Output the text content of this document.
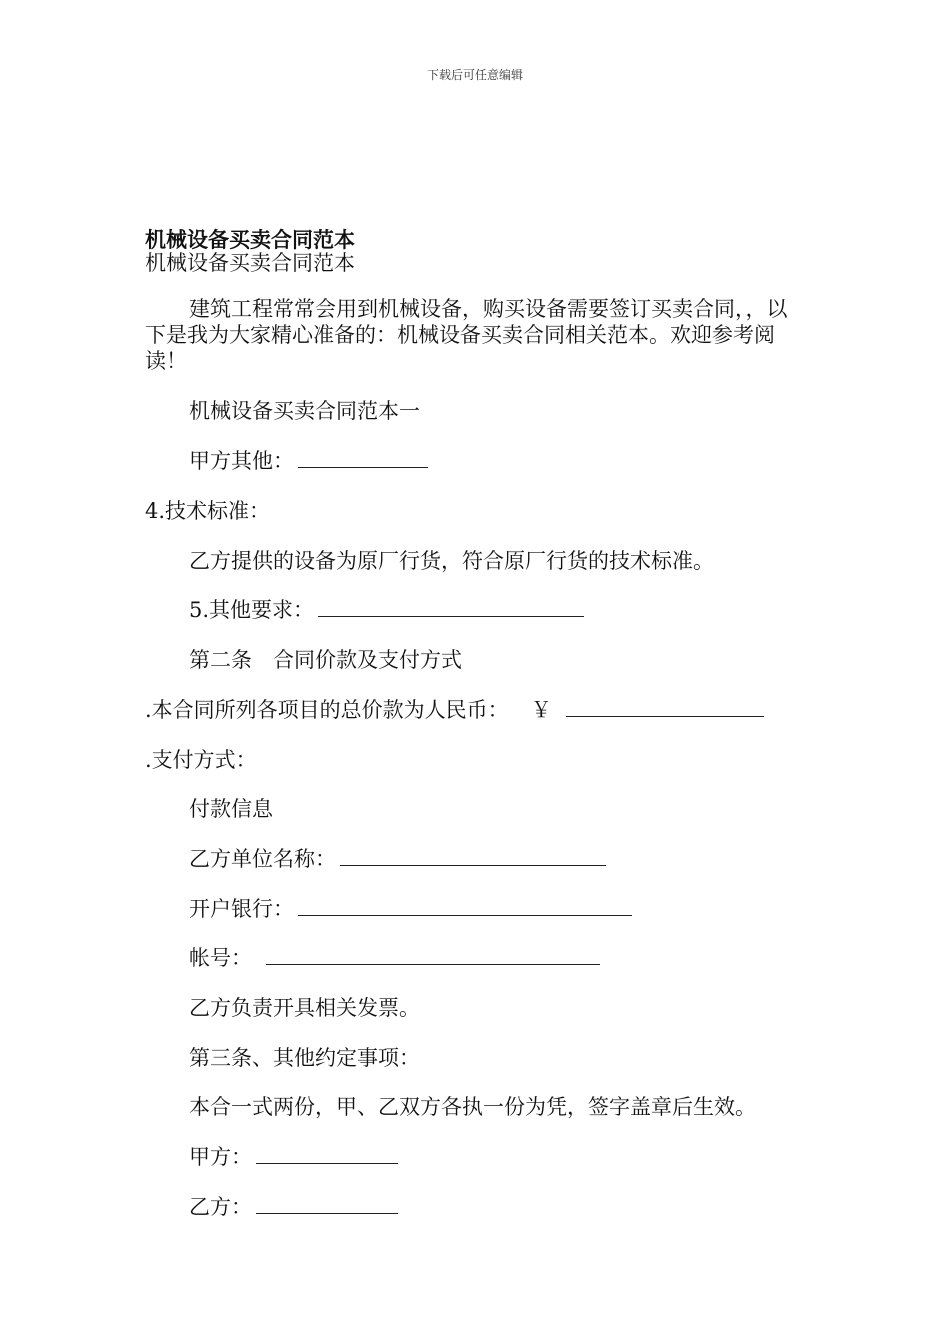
下载后可任意编辑
机械设备买卖合同范本
机械设备买卖合同范本
建筑工程常常会用到机械设备，购买设备需要签订买卖合同，，以下是我为大家精心准备的：机械设备买卖合同相关范本。欢迎参考阅读！
机械设备买卖合同范本一
甲方其他：
4.技术标准：
乙方提供的设备为原厂行货，符合原厂行货的技术标准。
5.其他要求：
第二条　合同价款及支付方式
.本合同所列各项目的总价款为人民币： ￥
.支付方式：
付款信息
乙方单位名称：
开户银行：
帐号：
乙方负责开具相关发票。
第三条、其他约定事项：
本合一式两份，甲、乙双方各执一份为凭，签字盖章后生效。
甲方：
乙方：
